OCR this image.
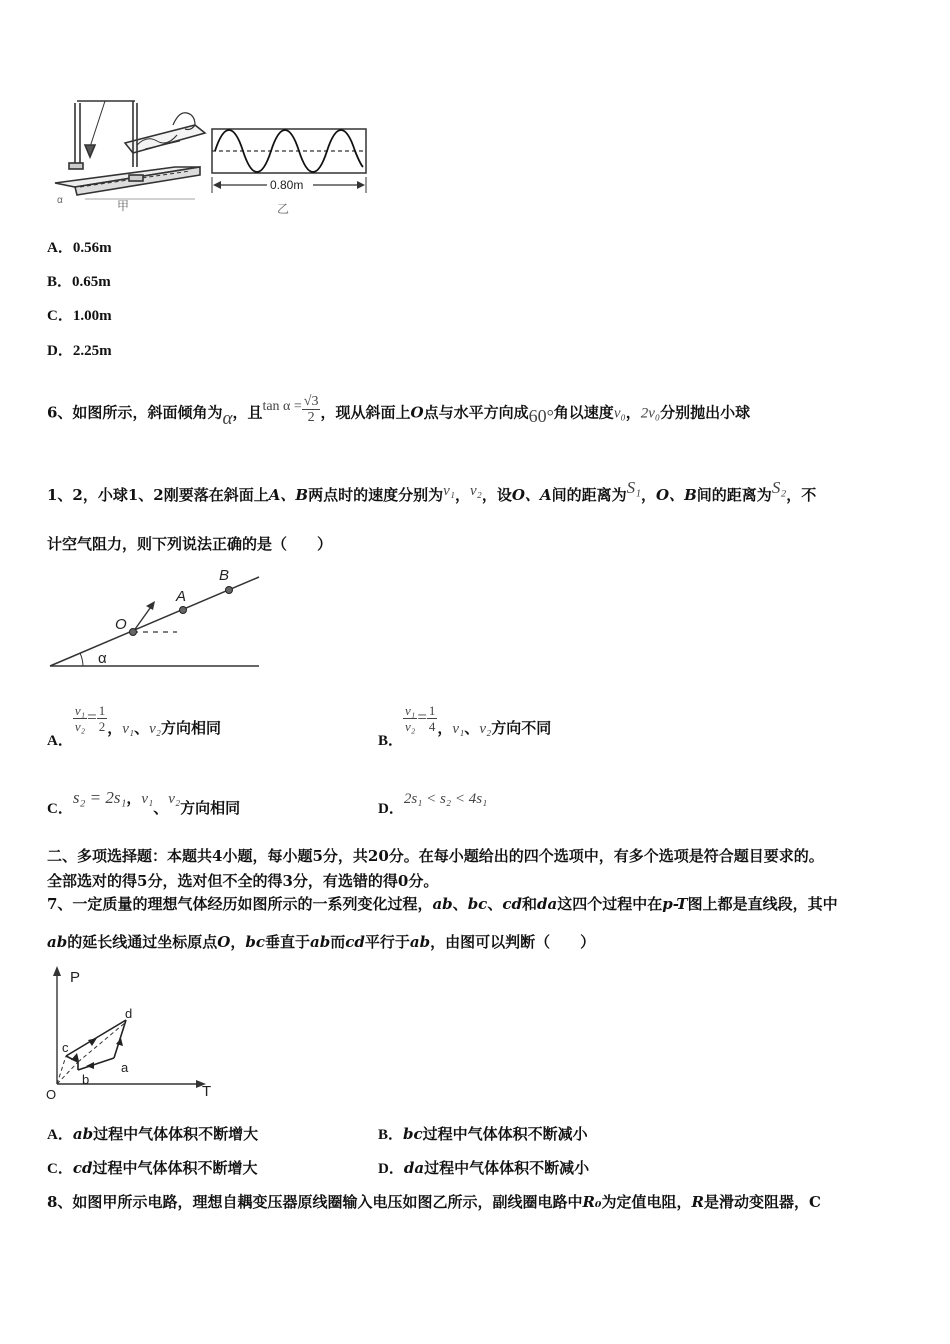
甲
α
0.80m
乙
A．0.56m
B．0.65m
C．1.00m
D．2.25m
6、如图所示，斜面倾角为α，且$\tan \alpha = \frac{√3}{2}$ ，现从斜面上O点与水平方向成60°角以速度v₀，2v₀分别抛出小球
1、2，小球1、2刚要落在斜面上A、B两点时的速度分别为v₁，v₂，设O、A间的距离为S₁，O、B间的距离为S₂，不
计空气阻力，则下列说法正确的是（　　）
B
A
O
α
A．
$\frac{\text{v₁}}{\text{v₂}} = \frac{1}{2}$ ，v₁、v₂方向相同
B．
$\frac{\text{v₁}}{\text{v₂}} = \frac{1}{4}$ ，v₁、v₂方向不同
C．s₂ = 2s₁，v₁、v₂方向相同	D．2s₁ < s₂ < 4s₁
二、多项选择题：本题共4小题，每小题5分，共20分。在每小题给出的四个选项中，有多个选项是符合题目要求的。
全部选对的得5分，选对但不全的得3分，有选错的得0分。
7、一定质量的理想气体经历如图所示的一系列变化过程，ab、bc、cd和da这四个过程中在p-T图上都是直线段，其中
ab的延长线通过坐标原点O，bc垂直于ab而cd平行于ab，由图可以判断（　　）
P
T
O
a
b
c
d
A．ab过程中气体体积不断增大	B．bc过程中气体体积不断减小
C．cd过程中气体体积不断增大	D．da过程中气体体积不断减小
8、如图甲所示电路，理想自耦变压器原线圈输入电压如图乙所示，副线圈电路中R₀为定值电阻，R是滑动变阻器，C
